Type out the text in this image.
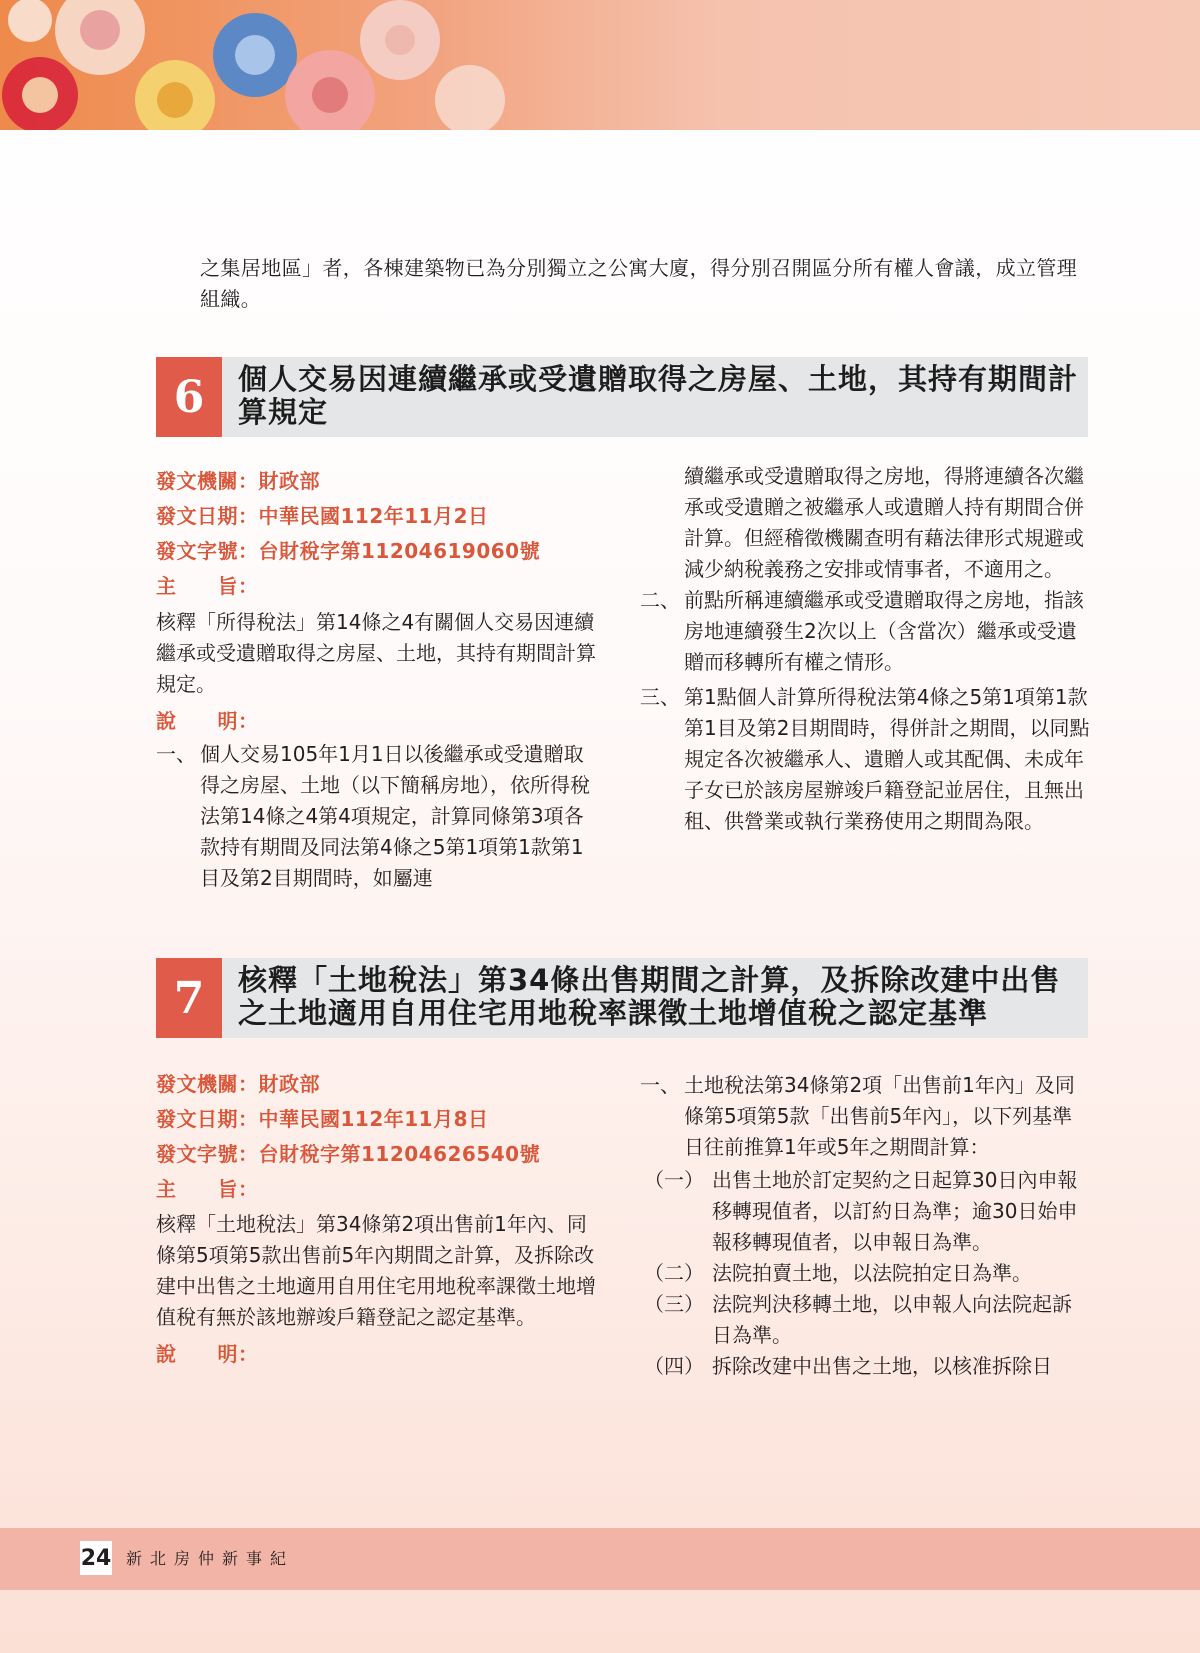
之集居地區」者，各棟建築物已為分別獨立之公寓大廈，得分別召開區分所有權人會議，成立管理組織。

6	個人交易因連續繼承或受遺贈取得之房屋、土地，其持有期間計算規定

發文機關：財政部

發文日期：中華民國112年11月2日

發文字號：台財稅字第11204619060號

主　　旨：

核釋「所得稅法」第14條之4有關個人交易因連續繼承或受遺贈取得之房屋、土地，其持有期間計算規定。

說　　明：

一、 個人交易105年1月1日以後繼承或受遺贈取得之房屋、土地（以下簡稱房地），依所得稅法第14條之4第4項規定，計算同條第3項各款持有期間及同法第4條之5第1項第1款第1目及第2目期間時，如屬連

續繼承或受遺贈取得之房地，得將連續各次繼承或受遺贈之被繼承人或遺贈人持有期間合併計算。但經稽徵機關查明有藉法律形式規避或減少納稅義務之安排或情事者，不適用之。

二、 前點所稱連續繼承或受遺贈取得之房地，指該房地連續發生2次以上（含當次）繼承或受遺贈而移轉所有權之情形。
三、 第1點個人計算所得稅法第4條之5第1項第1款第1目及第2目期間時，得併計之期間，以同點規定各次被繼承人、遺贈人或其配偶、未成年子女已於該房屋辦竣戶籍登記並居住，且無出租、供營業或執行業務使用之期間為限。
7	核釋「土地稅法」第34條出售期間之計算，及拆除改建中出售之土地適用自用住宅用地稅率課徵土地增值稅之認定基準

發文機關：財政部

發文日期：中華民國112年11月8日

發文字號：台財稅字第11204626540號

主　　旨：

核釋「土地稅法」第34條第2項出售前1年內、同條第5項第5款出售前5年內期間之計算，及拆除改建中出售之土地適用自用住宅用地稅率課徵土地增值稅有無於該地辦竣戶籍登記之認定基準。

說　　明：

一、 土地稅法第34條第2項「出售前1年內」及同條第5項第5款「出售前5年內」，以下列基準日往前推算1年或5年之期間計算：
（一） 出售土地於訂定契約之日起算30日內申報移轉現值者，以訂約日為準；逾30日始申報移轉現值者，以申報日為準。
（二） 法院拍賣土地，以法院拍定日為準。
（三） 法院判決移轉土地，以申報人向法院起訴日為準。
（四） 拆除改建中出售之土地，以核准拆除日
24 新北房仲新事紀
